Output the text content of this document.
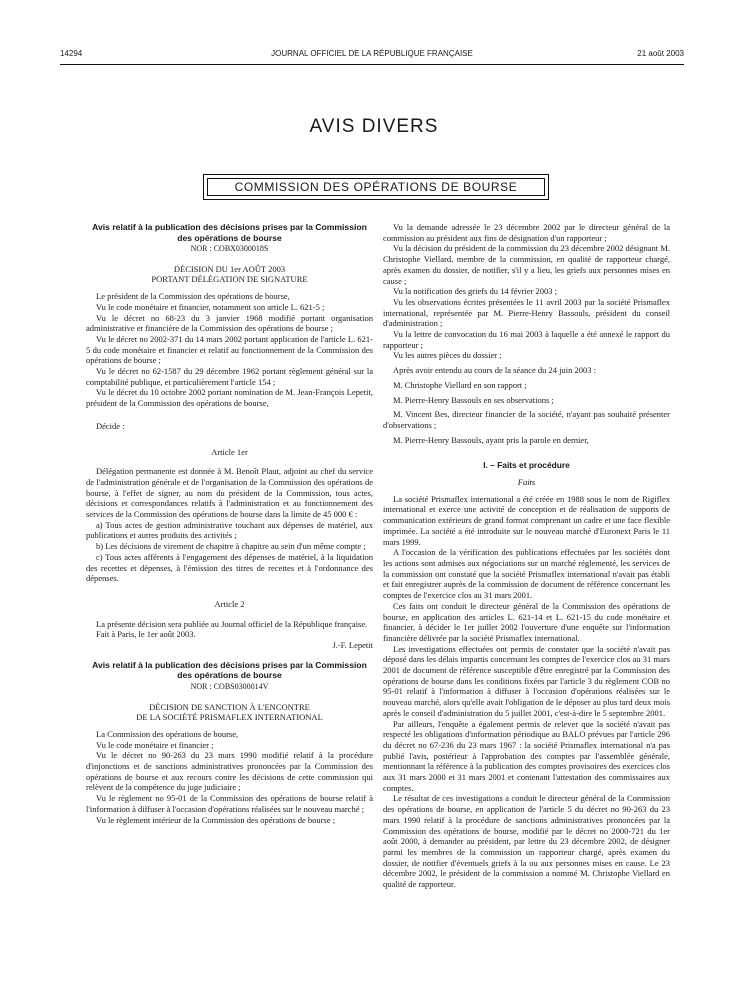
14294	JOURNAL OFFICIEL DE LA RÉPUBLIQUE FRANÇAISE	21 août 2003
AVIS DIVERS
COMMISSION DES OPÉRATIONS DE BOURSE

Avis relatif à la publication des décisions prises par la Commission des opérations de bourse

NOR : COBX0300018S

DÉCISION DU 1er AOÛT 2003

PORTANT DÉLÉGATION DE SIGNATURE

Le président de la Commission des opérations de bourse,

Vu le code monétaire et financier, notamment son article L. 621-5 ;

Vu le décret no 68-23 du 3 janvier 1968 modifié portant organisation administrative et financière de la Commission des opérations de bourse ;

Vu le décret no 2002-371 du 14 mars 2002 portant application de l'article L. 621-5 du code monétaire et financier et relatif au fonctionnement de la Commission des opérations de bourse ;

Vu le décret no 62-1587 du 29 décembre 1962 portant règlement général sur la comptabilité publique, et particulièrement l'article 154 ;

Vu le décret du 10 octobre 2002 portant nomination de M. Jean-François Lepetit, président de la Commission des opérations de bourse,

Décide :

Article 1er

Délégation permanente est donnée à M. Benoît Plaut, adjoint au chef du service de l'administration générale et de l'organisation de la Commission des opérations de bourse, à l'effet de signer, au nom du président de la Commission, tous actes, décisions et correspondances relatifs à l'administration et au fonctionnement des services de la Commission des opérations de bourse dans la limite de 45 000 € :

a) Tous actes de gestion administrative touchant aux dépenses de matériel, aux publications et autres produits des activités ;

b) Les décisions de virement de chapitre à chapitre au sein d'un même compte ;

c) Tous actes afférents à l'engagement des dépenses de matériel, à la liquidation des recettes et dépenses, à l'émission des titres de recettes et à l'ordonnance des dépenses.

Article 2

La présente décision sera publiée au Journal officiel de la République française.

Fait à Paris, le 1er août 2003.

J.-F. Lepetit

Avis relatif à la publication des décisions prises par la Commission des opérations de bourse

NOR : COBS0300014V

DÉCISION DE SANCTION À L'ENCONTRE

DE LA SOCIÉTÉ PRISMAFLEX INTERNATIONAL

La Commission des opérations de bourse,

Vu le code monétaire et financier ;

Vu le décret no 90-263 du 23 mars 1990 modifié relatif à la procédure d'injonctions et de sanctions administratives prononcées par la Commission des opérations de bourse et aux recours contre les décisions de cette commission qui relèvent de la compétence du juge judiciaire ;

Vu le règlement no 95-01 de la Commission des opérations de bourse relatif à l'information à diffuser à l'occasion d'opérations réalisées sur le nouveau marché ;

Vu le règlement intérieur de la Commission des opérations de bourse ;

Vu la demande adressée le 23 décembre 2002 par le directeur général de la commission au président aux fins de désignation d'un rapporteur ;

Vu la décision du président de la commission du 23 décembre 2002 désignant M. Christophe Viellard, membre de la commission, en qualité de rapporteur chargé, après examen du dossier, de notifier, s'il y a lieu, les griefs aux personnes mises en cause ;

Vu la notification des griefs du 14 février 2003 ;

Vu les observations écrites présentées le 11 avril 2003 par la société Prismaflex international, représentée par M. Pierre-Henry Bassouls, président du conseil d'administration ;

Vu la lettre de convocation du 16 mai 2003 à laquelle a été annexé le rapport du rapporteur ;

Vu les autres pièces du dossier ;

Après avoir entendu au cours de la séance du 24 juin 2003 :

M. Christophe Viellard en son rapport ;

M. Pierre-Henry Bassouls en ses observations ;

M. Vincent Bes, directeur financier de la société, n'ayant pas souhaité présenter d'observations ;

M. Pierre-Henry Bassouls, ayant pris la parole en dernier,

I. – Faits et procédure

Faits

La société Prismaflex international a été créée en 1988 sous le nom de Rigiflex international et exerce une activité de conception et de réalisation de supports de communication extérieurs de grand format comprenant un cadre et une face flexible imprimée. La société a été introduite sur le nouveau marché d'Euronext Paris le 11 mars 1999.

A l'occasion de la vérification des publications effectuées par les sociétés dont les actions sont admises aux négociations sur un marché réglementé, les services de la commission ont constaté que la société Prismaflex international n'avait pas établi et fait enregistrer auprès de la commission de document de référence concernant les comptes de l'exercice clos au 31 mars 2001.

Ces faits ont conduit le directeur général de la Commission des opérations de bourse, en application des articles L. 621-14 et L. 621-15 du code monétaire et financier, à décider le 1er juillet 2002 l'ouverture d'une enquête sur l'information financière délivrée par la société Prismaflex international.

Les investigations effectuées ont permis de constater que la société n'avait pas déposé dans les délais impartis concernant les comptes de l'exercice clos au 31 mars 2001 de document de référence susceptible d'être enregistré par la Commission des opérations de bourse dans les conditions fixées par l'article 3 du règlement COB no 95-01 relatif à l'information à diffuser à l'occasion d'opérations réalisées sur le nouveau marché, alors qu'elle avait l'obligation de le déposer au plus tard deux mois après le conseil d'administration du 5 juillet 2001, c'est-à-dire le 5 septembre 2001.

Par ailleurs, l'enquête a également permis de relever que la société n'avait pas respecté les obligations d'information périodique au BALO prévues par l'article 296 du décret no 67-236 du 23 mars 1967 : la société Prismaflex international n'a pas publié l'avis, postérieur à l'approbation des comptes par l'assemblée générale, mentionnant la référence à la publication des comptes provisoires des exercices clos aux 31 mars 2000 et 31 mars 2001 et contenant l'attestation des commissaires aux comptes.

Le résultat de ces investigations a conduit le directeur général de la Commission des opérations de bourse, en application de l'article 5 du décret no 90-263 du 23 mars 1990 relatif à la procédure de sanctions administratives prononcées par la Commission des opérations de bourse, modifié par le décret no 2000-721 du 1er août 2000, à demander au président, par lettre du 23 décembre 2002, de désigner parmi les membres de la commission un rapporteur chargé, après examen du dossier, de notifier d'éventuels griefs à la ou aux personnes mises en cause. Le 23 décembre 2002, le président de la commission a nommé M. Christophe Viellard en qualité de rapporteur.
